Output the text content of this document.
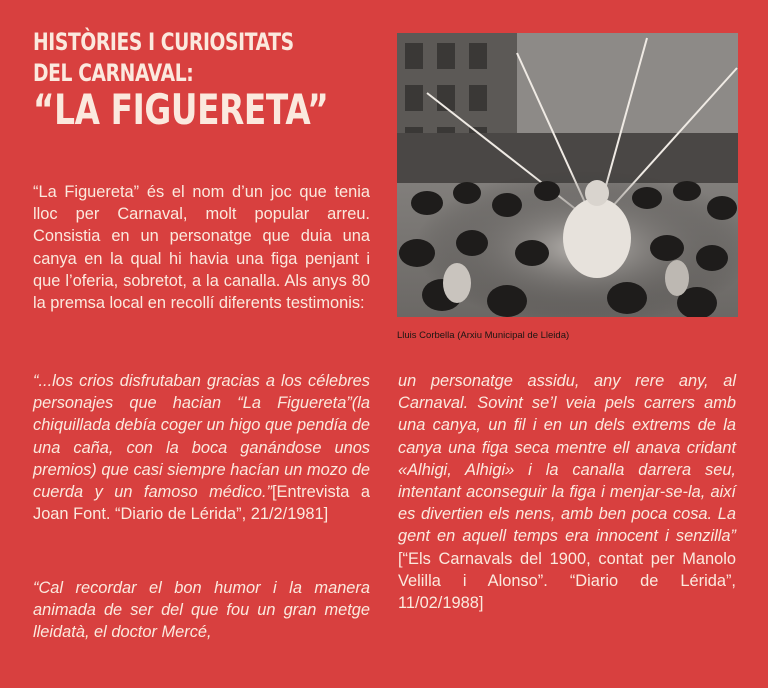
HISTÒRIES I CURIOSITATS
DEL CARNAVAL:
“LA FIGUERETA”

“La Figuereta” és el nom d’un joc que tenia lloc per Carnaval, molt popular arreu. Consistia en un personatge que duia una canya en la qual hi havia una figa penjant i que l’oferia, sobretot, a la canalla. Als anys 80 la premsa local en recollí diferents testimonis:

“...los crios disfrutaban gracias a los célebres personajes que hacian “La Figuereta”(la chiquillada debía coger un higo que pendía de una caña, con la boca ganándose unos premios) que casi siempre hacían un mozo de cuerda y un famoso médico.”[Entrevista a Joan Font. “Diario de Lérida”, 21/2/1981]

“Cal recordar el bon humor i la manera animada de ser del que fou un gran metge lleidatà, el doctor Mercé,

un personatge assidu, any rere any, al Carnaval. Sovint se’l veia pels carrers amb una canya, un fil i en un dels extrems de la canya una figa seca mentre ell anava cridant «Alhigi, Alhigi» i la canalla darrera seu, intentant aconseguir la figa i menjar-se-la, així es divertien els nens, amb ben poca cosa. La gent en aquell temps era innocent i senzilla” [“Els Carnavals del 1900, contat per Manolo Velilla i Alonso”. “Diario de Lérida”, 11/02/1988]

Lluis Corbella (Arxiu Municipal de Lleida)
